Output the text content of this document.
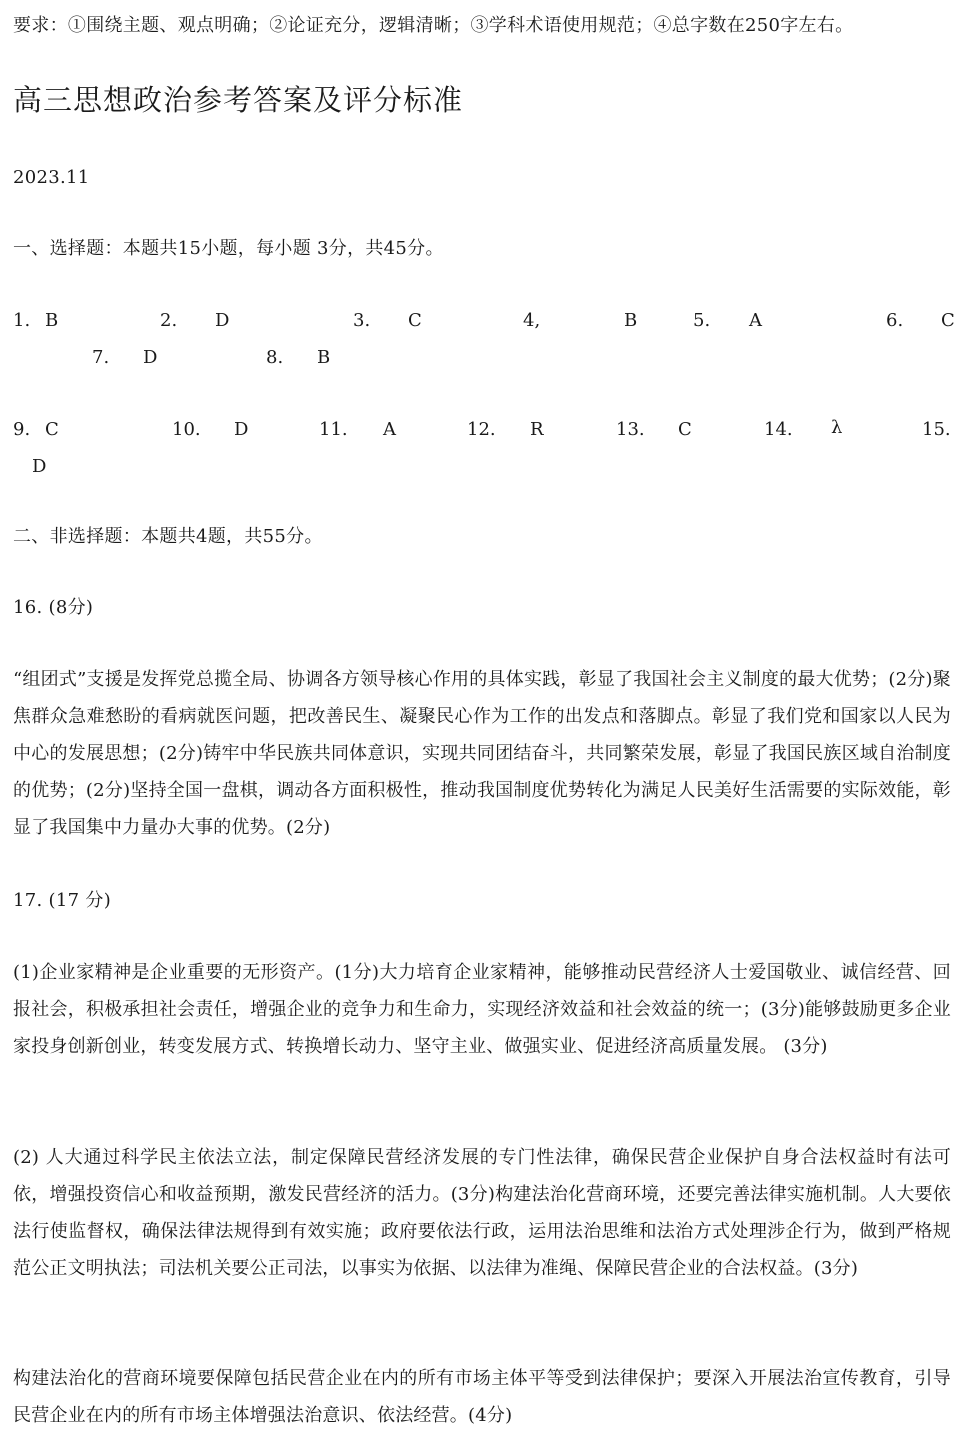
要求：①围绕主题、观点明确；②论证充分，逻辑清晰；③学科术语使用规范；④总字数在250字左右。
高三思想政治参考答案及评分标准
2023.11
一、选择题：本题共15小题，每小题 3分，共45分。
1. B	2. D	3. C	4,	B	5. A	6. C
7. D	8. B
9. C	10. D	11. A	12. R	13. C	14. λ	15.
D
二、非选择题：本题共4题，共55分。
16. (8分)
“组团式”支援是发挥党总揽全局、协调各方领导核心作用的具体实践，彰显了我国社会主义制度的最大优势；(2分)聚焦群众急难愁盼的看病就医问题，把改善民生、凝聚民心作为工作的出发点和落脚点。彰显了我们党和国家以人民为中心的发展思想；(2分)铸牢中华民族共同体意识，实现共同团结奋斗，共同繁荣发展，彰显了我国民族区域自治制度的优势；(2分)坚持全国一盘棋，调动各方面积极性，推动我国制度优势转化为满足人民美好生活需要的实际效能，彰显了我国集中力量办大事的优势。(2分)
17. (17 分)
(1)企业家精神是企业重要的无形资产。(1分)大力培育企业家精神，能够推动民营经济人士爱国敬业、诚信经营、回报社会，积极承担社会责任，增强企业的竞争力和生命力，实现经济效益和社会效益的统一；(3分)能够鼓励更多企业家投身创新创业，转变发展方式、转换增长动力、坚守主业、做强实业、促进经济高质量发展。 (3分)
(2) 人大通过科学民主依法立法，制定保障民营经济发展的专门性法律，确保民营企业保护自身合法权益时有法可依，增强投资信心和收益预期，激发民营经济的活力。(3分)构建法治化营商环境，还要完善法律实施机制。人大要依法行使监督权，确保法律法规得到有效实施；政府要依法行政，运用法治思维和法治方式处理涉企行为，做到严格规范公正文明执法；司法机关要公正司法，以事实为依据、以法律为准绳、保障民营企业的合法权益。(3分)
构建法治化的营商环境要保障包括民营企业在内的所有市场主体平等受到法律保护；要深入开展法治宣传教育，引导民营企业在内的所有市场主体增强法治意识、依法经营。(4分)
